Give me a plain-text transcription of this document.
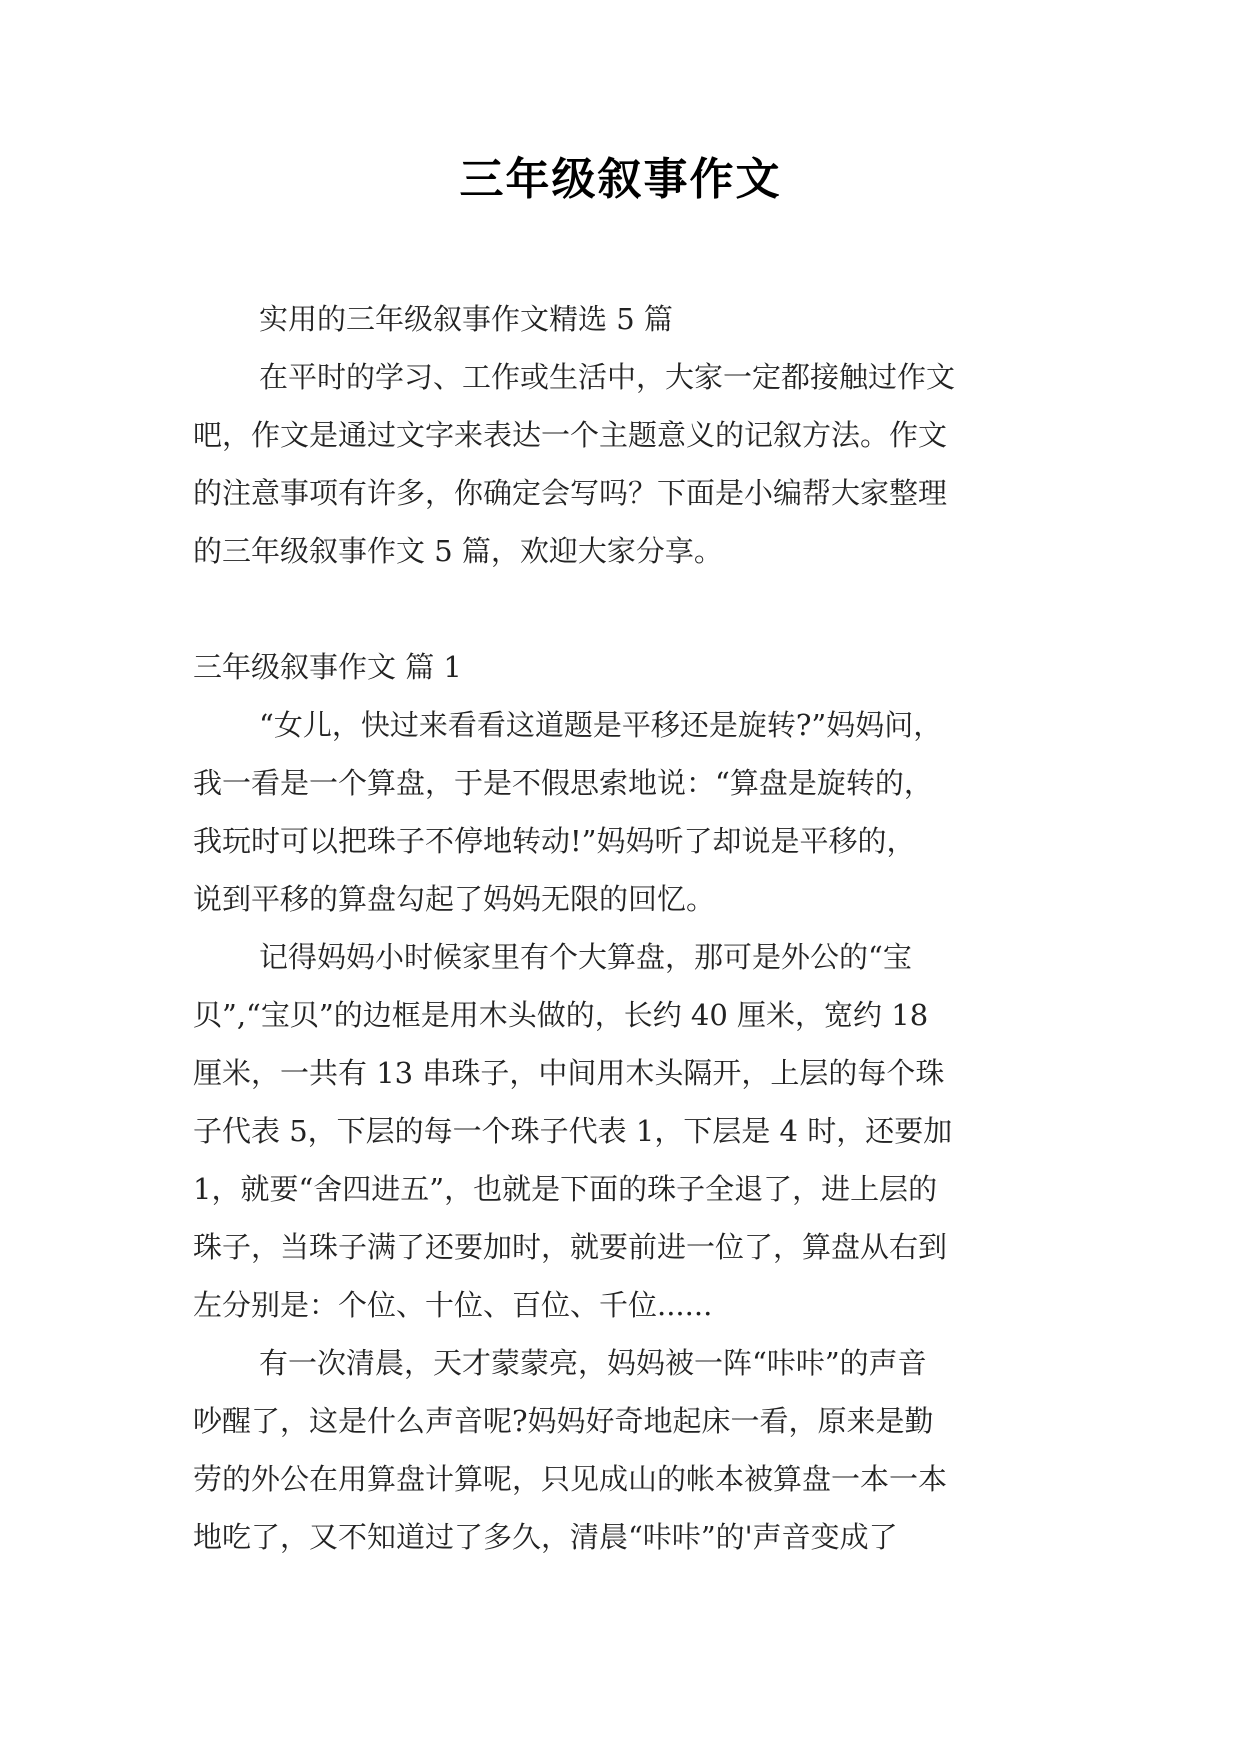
三年级叙事作文
实用的三年级叙事作文精选 5 篇
在平时的学习、工作或生活中，大家一定都接触过作文
吧，作文是通过文字来表达一个主题意义的记叙方法。作文
的注意事项有许多，你确定会写吗？下面是小编帮大家整理
的三年级叙事作文 5 篇，欢迎大家分享。
三年级叙事作文 篇 1
“女儿，快过来看看这道题是平移还是旋转?”妈妈问，
我一看是一个算盘，于是不假思索地说：“算盘是旋转的，
我玩时可以把珠子不停地转动!”妈妈听了却说是平移的，
说到平移的算盘勾起了妈妈无限的回忆。
记得妈妈小时候家里有个大算盘，那可是外公的“宝
贝”,“宝贝”的边框是用木头做的，长约 40 厘米，宽约 18
厘米，一共有 13 串珠子，中间用木头隔开，上层的每个珠
子代表 5，下层的每一个珠子代表 1，下层是 4 时，还要加
1，就要“舍四进五”，也就是下面的珠子全退了，进上层的
珠子，当珠子满了还要加时，就要前进一位了，算盘从右到
左分别是：个位、十位、百位、千位......
有一次清晨，天才蒙蒙亮，妈妈被一阵“咔咔”的声音
吵醒了，这是什么声音呢?妈妈好奇地起床一看，原来是勤
劳的外公在用算盘计算呢，只见成山的帐本被算盘一本一本
地吃了，又不知道过了多久，清晨“咔咔”的'声音变成了
